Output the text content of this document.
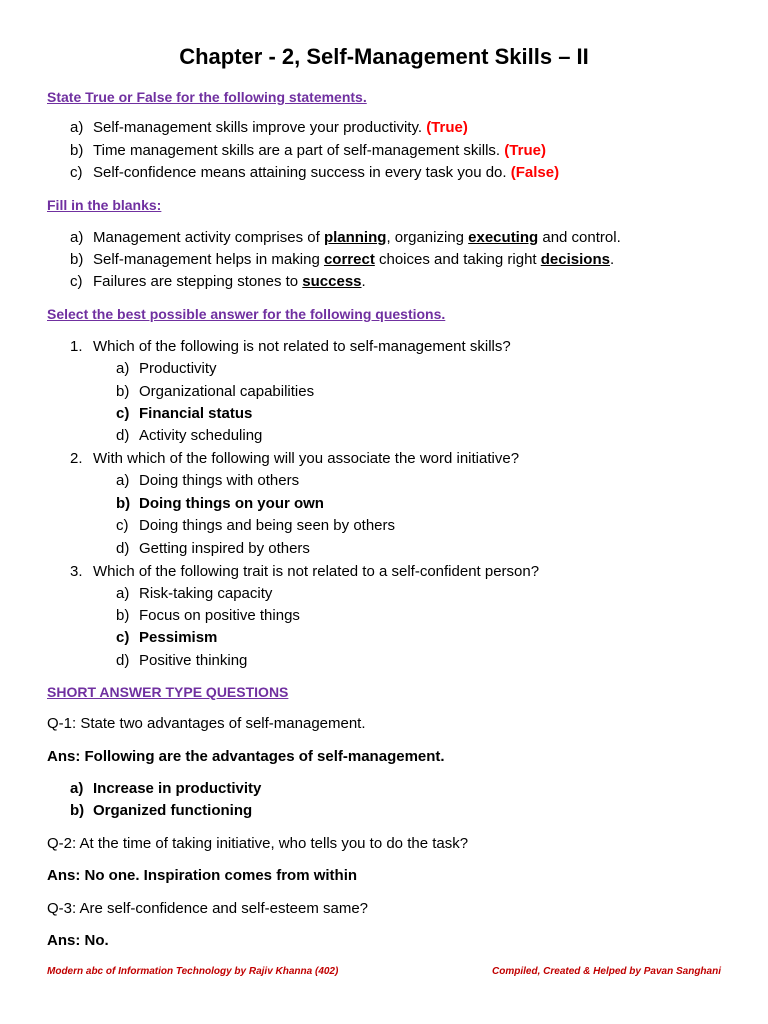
Chapter - 2, Self-Management Skills – II
State True or False for the following statements.
a) Self-management skills improve your productivity. (True)
b) Time management skills are a part of self-management skills. (True)
c) Self-confidence means attaining success in every task you do. (False)
Fill in the blanks:
a) Management activity comprises of planning, organizing executing and control.
b) Self-management helps in making correct choices and taking right decisions.
c) Failures are stepping stones to success.
Select the best possible answer for the following questions.
1. Which of the following is not related to self-management skills?
a) Productivity
b) Organizational capabilities
c) Financial status
d) Activity scheduling
2. With which of the following will you associate the word initiative?
a) Doing things with others
b) Doing things on your own
c) Doing things and being seen by others
d) Getting inspired by others
3. Which of the following trait is not related to a self-confident person?
a) Risk-taking capacity
b) Focus on positive things
c) Pessimism
d) Positive thinking
SHORT ANSWER TYPE QUESTIONS
Q-1: State two advantages of self-management.
Ans: Following are the advantages of self-management.
a) Increase in productivity
b) Organized functioning
Q-2: At the time of taking initiative, who tells you to do the task?
Ans: No one. Inspiration comes from within
Q-3: Are self-confidence and self-esteem same?
Ans: No.
Modern abc of Information Technology by Rajiv Khanna (402)	Compiled, Created & Helped by Pavan Sanghani
